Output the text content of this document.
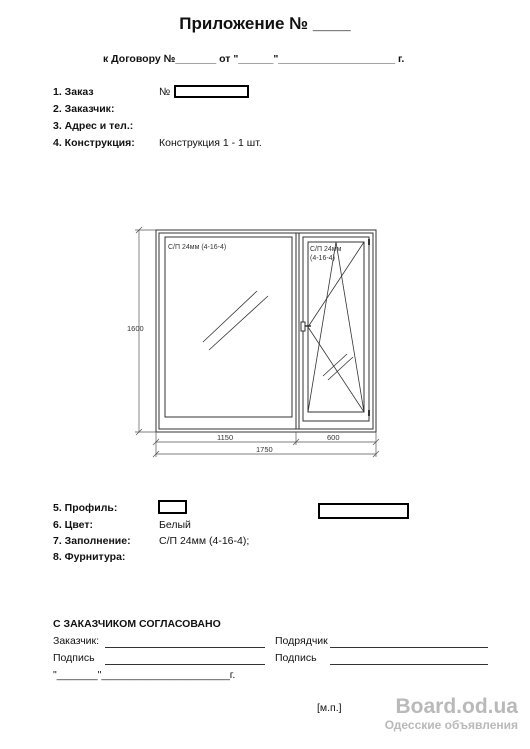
Приложение № ____
к Договору №_______ от "______"____________________ г.
1. Заказ	№
2. Заказчик:
3. Адрес и тел.:
4. Конструкция: Конструкция 1 - 1 шт.
С/П 24мм (4-16-4)	С/П 24мм
(4-16-4)
1600
1150	600
1750
5. Профиль:
6. Цвет:	Белый
7. Заполнение:	С/П 24мм (4-16-4);
8. Фурнитура:
С ЗАКАЗЧИКОМ СОГЛАСОВАНО
Заказчик:	Подрядчик
Подпись	Подпись
"_______"______________________г.
[м.п.]	Board.od.ua
Одесские объявления
